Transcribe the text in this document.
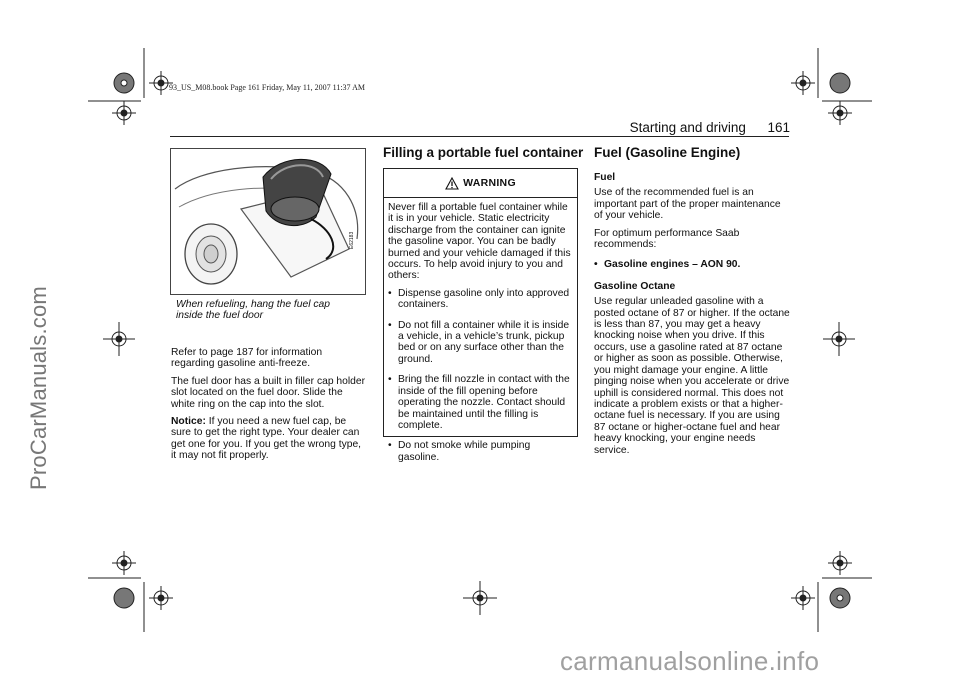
93_US_M08.book Page 161 Friday, May 11, 2007 11:37 AM
Starting and driving 161
E62183
When refueling, hang the fuel cap inside the fuel door

Refer to page 187 for information regarding gasoline anti-freeze.

The fuel door has a built in filler cap holder slot located on the fuel door. Slide the white ring on the cap into the slot.

Notice: If you need a new fuel cap, be sure to get the right type. Your dealer can get one for you. If you get the wrong type, it may not fit properly.

Filling a portable fuel container
WARNING

Never fill a portable fuel container while it is in your vehicle. Static electricity discharge from the container can ignite the gasoline vapor. You can be badly burned and your vehicle damaged if this occurs. To help avoid injury to you and others:

• Dispense gasoline only into approved containers.
• Do not fill a container while it is inside a vehicle, in a vehicle’s trunk, pickup bed or on any surface other than the ground.
• Bring the fill nozzle in contact with the inside of the fill opening before operating the nozzle. Contact should be maintained until the filling is complete.
• Do not smoke while pumping gasoline.
Fuel (Gasoline Engine)

Fuel

Use of the recommended fuel is an important part of the proper maintenance of your vehicle.

For optimum performance Saab recommends:

• Gasoline engines – AON 90.

Gasoline Octane

Use regular unleaded gasoline with a posted octane of 87 or higher. If the octane is less than 87, you may get a heavy knocking noise when you drive. If this occurs, use a gasoline rated at 87 octane or higher as soon as possible. Otherwise, you might damage your engine. A little pinging noise when you accelerate or drive uphill is considered normal. This does not indicate a problem exists or that a higher-octane fuel is necessary. If you are using 87 octane or higher-octane fuel and hear heavy knocking, your engine needs service.

ProCarManuals.com
carmanualsonline.info
